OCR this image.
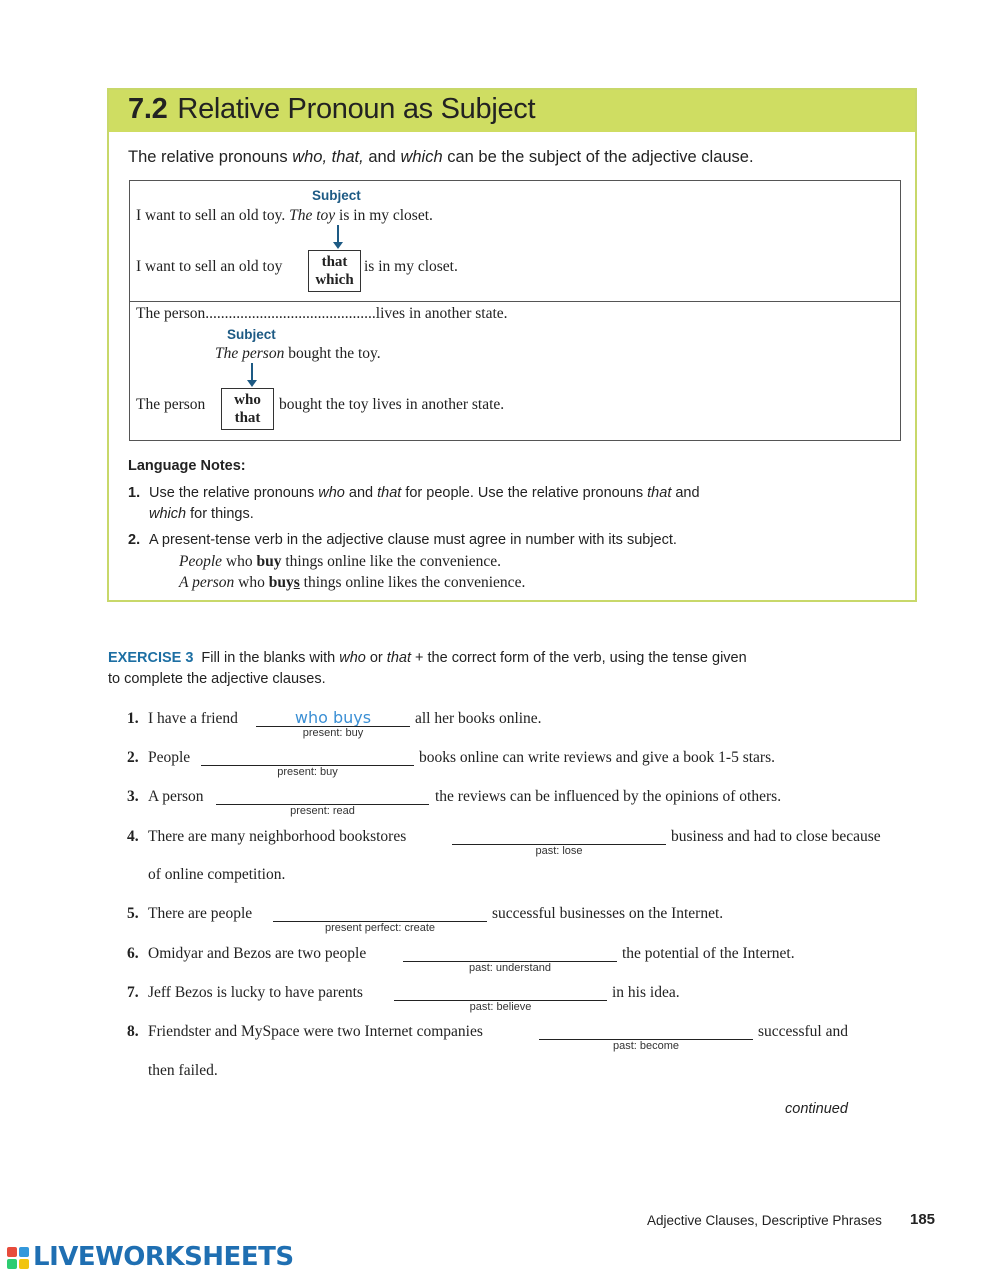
7.2 Relative Pronoun as Subject
The relative pronouns who, that, and which can be the subject of the adjective clause.
Subject
I want to sell an old toy. The toy is in my closet.
I want to sell an old toy	that
which
is in my closet.
The person............................................lives in another state.
Subject
The person bought the toy.
The person	who
that
bought the toy lives in another state.
Language Notes:
1. Use the relative pronouns who and that for people. Use the relative pronouns that and
which for things.
2. A present-tense verb in the adjective clause must agree in number with its subject.
People who buy things online like the convenience.
A person who buys things online likes the convenience.
EXERCISE 3 Fill in the blanks with who or that + the correct form of the verb, using the tense given
to complete the adjective clauses.
1. I have a friend
who buys	all her books online.
present: buy
2. People	books online can write reviews and give a book 1-5 stars.
present: buy
3. A person	the reviews can be influenced by the opinions of others.
present: read
4. There are many neighborhood bookstores	business and had to close because
past: lose
of online competition.
5. There are people	successful businesses on the Internet.
present perfect: create
6. Omidyar and Bezos are two people	the potential of the Internet.
past: understand
7. Jeff Bezos is lucky to have parents	in his idea.
past: believe
8. Friendster and MySpace were two Internet companies	successful and
past: become
then failed.
continued
Adjective Clauses, Descriptive Phrases 185
LIVEWORKSHEETS
